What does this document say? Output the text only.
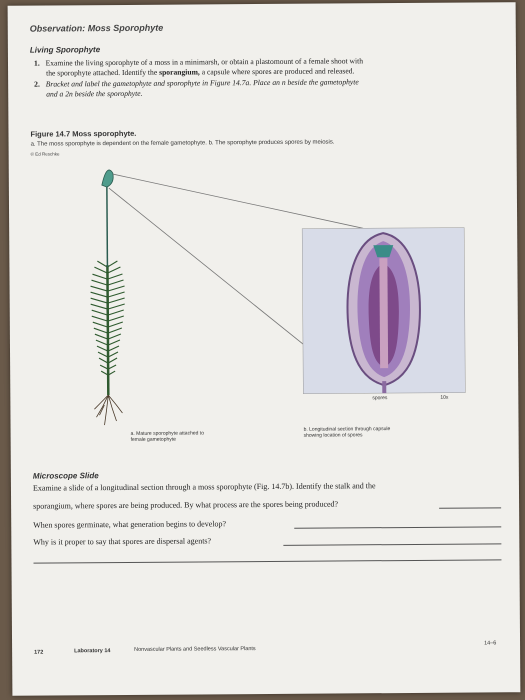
Observation: Moss Sporophyte
Living Sporophyte
1. Examine the living sporophyte of a moss in a minimarsh, or obtain a plastomount of a female shoot with
the sporophyte attached. Identify the sporangium, a capsule where spores are produced and released.
2. Bracket and label the gametophyte and sporophyte in Figure 14.7a. Place an n beside the gametophyte
and a 2n beside the sporophyte.
Figure 14.7 Moss sporophyte.
a. The moss sporophyte is dependent on the female gametophyte. b. The sporophyte produces spores by meiosis.
© Ed Reschke
spores	10x
a. Mature sporophyte attached to
female gametophyte
b. Longitudinal section through capsule
showing location of spores
Microscope Slide
Examine a slide of a longitudinal section through a moss sporophyte (Fig. 14.7b). Identify the stalk and the
sporangium, where spores are being produced. By what process are the spores being produced?
When spores germinate, what generation begins to develop?
Why is it proper to say that spores are dispersal agents?
172	Laboratory 14	Nonvascular Plants and Seedless Vascular Plants
14–6
